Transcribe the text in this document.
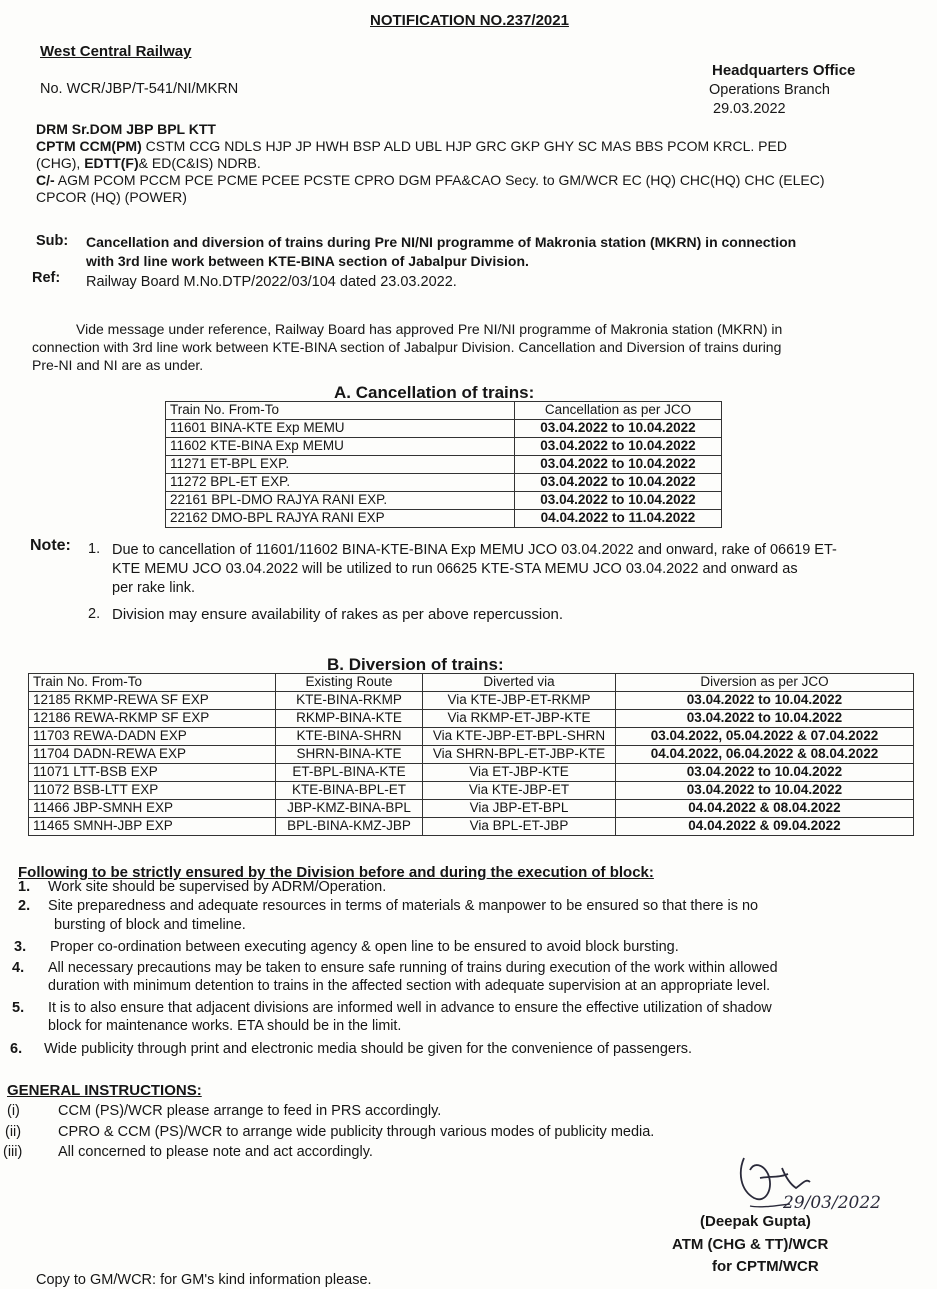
NOTIFICATION NO.237/2021
West Central Railway
No. WCR/JBP/T-541/NI/MKRN
Headquarters Office
Operations Branch
29.03.2022
DRM Sr.DOM JBP BPL KTT
CPTM CCM(PM) CSTM CCG NDLS HJP JP HWH BSP ALD UBL HJP GRC GKP GHY SC MAS BBS PCOM KRCL. PED
(CHG), EDTT(F)& ED(C&IS) NDRB.
C/- AGM PCOM PCCM PCE PCME PCEE PCSTE CPRO DGM PFA&CAO Secy. to GM/WCR EC (HQ) CHC(HQ) CHC (ELEC)
CPCOR (HQ) (POWER)
Sub: Cancellation and diversion of trains during Pre NI/NI programme of Makronia station (MKRN) in connection
with 3rd line work between KTE-BINA section of Jabalpur Division.
Ref: Railway Board M.No.DTP/2022/03/104 dated 23.03.2022.
Vide message under reference, Railway Board has approved Pre NI/NI programme of Makronia station (MKRN) in
connection with 3rd line work between KTE-BINA section of Jabalpur Division. Cancellation and Diversion of trains during
Pre-NI and NI are as under.
A. Cancellation of trains:
Train No. From-To	Cancellation as per JCO
11601 BINA-KTE Exp MEMU	03.04.2022 to 10.04.2022
11602 KTE-BINA Exp MEMU	03.04.2022 to 10.04.2022
11271 ET-BPL EXP.	03.04.2022 to 10.04.2022
11272 BPL-ET EXP.	03.04.2022 to 10.04.2022
22161 BPL-DMO RAJYA RANI EXP.	03.04.2022 to 10.04.2022
22162 DMO-BPL RAJYA RANI EXP	04.04.2022 to 11.04.2022
Note: 1. Due to cancellation of 11601/11602 BINA-KTE-BINA Exp MEMU JCO 03.04.2022 and onward, rake of 06619 ET-
KTE MEMU JCO 03.04.2022 will be utilized to run 06625 KTE-STA MEMU JCO 03.04.2022 and onward as
per rake link.
2. Division may ensure availability of rakes as per above repercussion.
B. Diversion of trains:
Train No. From-To	Existing Route	Diverted via	Diversion as per JCO
12185 RKMP-REWA SF EXP	KTE-BINA-RKMP	Via KTE-JBP-ET-RKMP	03.04.2022 to 10.04.2022
12186 REWA-RKMP SF EXP	RKMP-BINA-KTE	Via RKMP-ET-JBP-KTE	03.04.2022 to 10.04.2022
11703 REWA-DADN EXP	KTE-BINA-SHRN	Via KTE-JBP-ET-BPL-SHRN	03.04.2022, 05.04.2022 & 07.04.2022
11704 DADN-REWA EXP	SHRN-BINA-KTE	Via SHRN-BPL-ET-JBP-KTE	04.04.2022, 06.04.2022 & 08.04.2022
11071 LTT-BSB EXP	ET-BPL-BINA-KTE	Via ET-JBP-KTE	03.04.2022 to 10.04.2022
11072 BSB-LTT EXP	KTE-BINA-BPL-ET	Via KTE-JBP-ET	03.04.2022 to 10.04.2022
11466 JBP-SMNH EXP	JBP-KMZ-BINA-BPL	Via JBP-ET-BPL	04.04.2022 & 08.04.2022
11465 SMNH-JBP EXP	BPL-BINA-KMZ-JBP	Via BPL-ET-JBP	04.04.2022 & 09.04.2022
Following to be strictly ensured by the Division before and during the execution of block:
1. Work site should be supervised by ADRM/Operation.
2. Site preparedness and adequate resources in terms of materials & manpower to be ensured so that there is no
bursting of block and timeline.
3. Proper co-ordination between executing agency & open line to be ensured to avoid block bursting.
4. All necessary precautions may be taken to ensure safe running of trains during execution of the work within allowed
duration with minimum detention to trains in the affected section with adequate supervision at an appropriate level.
5. It is to also ensure that adjacent divisions are informed well in advance to ensure the effective utilization of shadow
block for maintenance works. ETA should be in the limit.
6. Wide publicity through print and electronic media should be given for the convenience of passengers.
GENERAL INSTRUCTIONS:
(i)	CCM (PS)/WCR please arrange to feed in PRS accordingly.
(ii)	CPRO & CCM (PS)/WCR to arrange wide publicity through various modes of publicity media.
(iii) All concerned to please note and act accordingly.
29/03/2022
(Deepak Gupta)
ATM (CHG & TT)/WCR
for CPTM/WCR
Copy to GM/WCR: for GM's kind information please.
